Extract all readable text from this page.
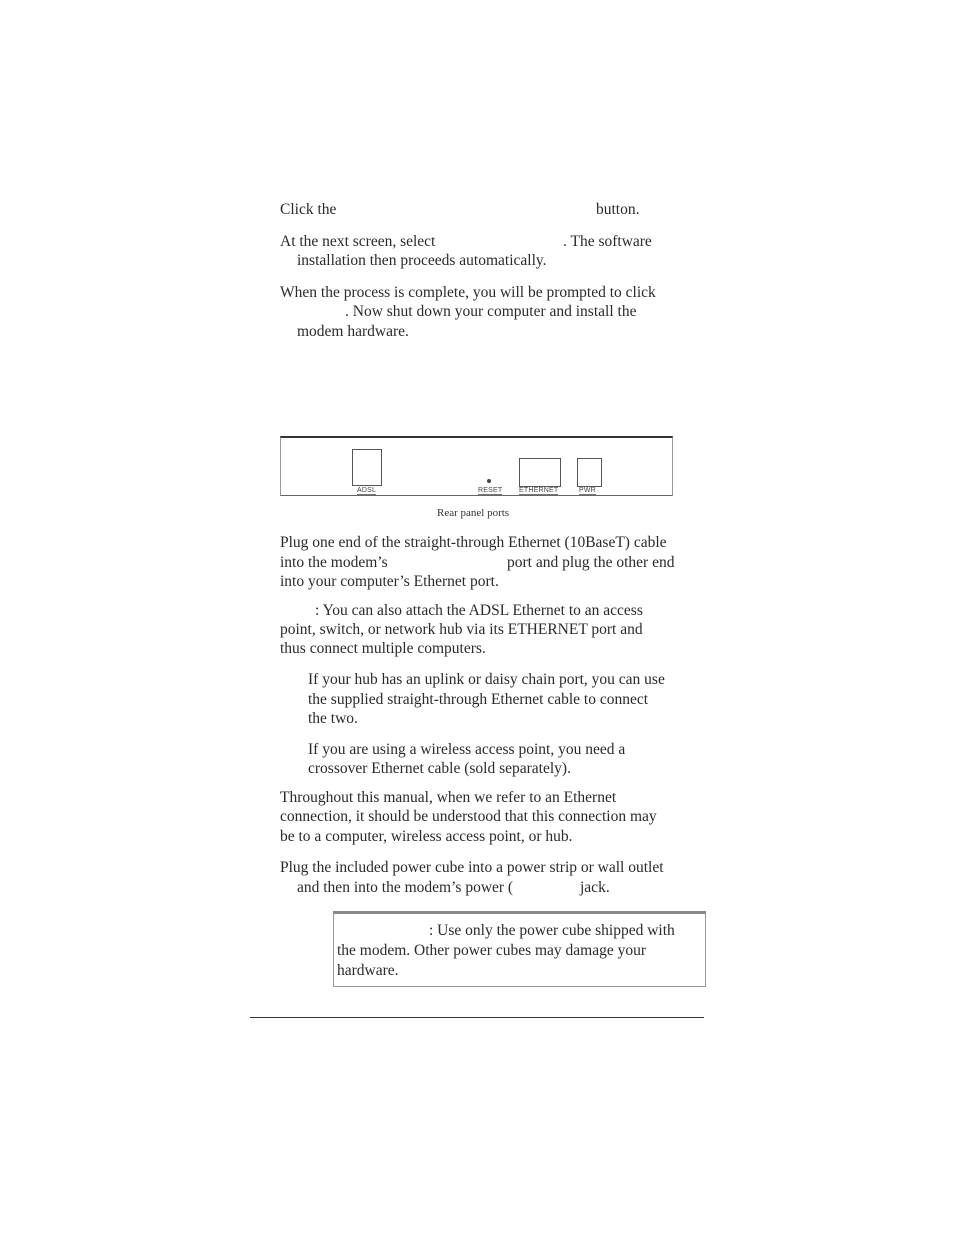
Click the	button.
At the next screen, select	. The software
installation then proceeds automatically.
When the process is complete, you will be prompted to click
. Now shut down your computer and install the
modem hardware.
ADSL	RESET ETHERNET	PWR
Rear panel ports
Plug one end of the straight-through Ethernet (10BaseT) cable
into the modem’s	port and plug the other end
into your computer’s Ethernet port.
: You can also attach the ADSL Ethernet to an access
point, switch, or network hub via its ETHERNET port and
thus connect multiple computers.
If your hub has an uplink or daisy chain port, you can use
the supplied straight-through Ethernet cable to connect
the two.
If you are using a wireless access point, you need a
crossover Ethernet cable (sold separately).
Throughout this manual, when we refer to an Ethernet
connection, it should be understood that this connection may
be to a computer, wireless access point, or hub.
Plug the included power cube into a power strip or wall outlet
and then into the modem’s power (	jack.
: Use only the power cube shipped with
the modem. Other power cubes may damage your
hardware.
